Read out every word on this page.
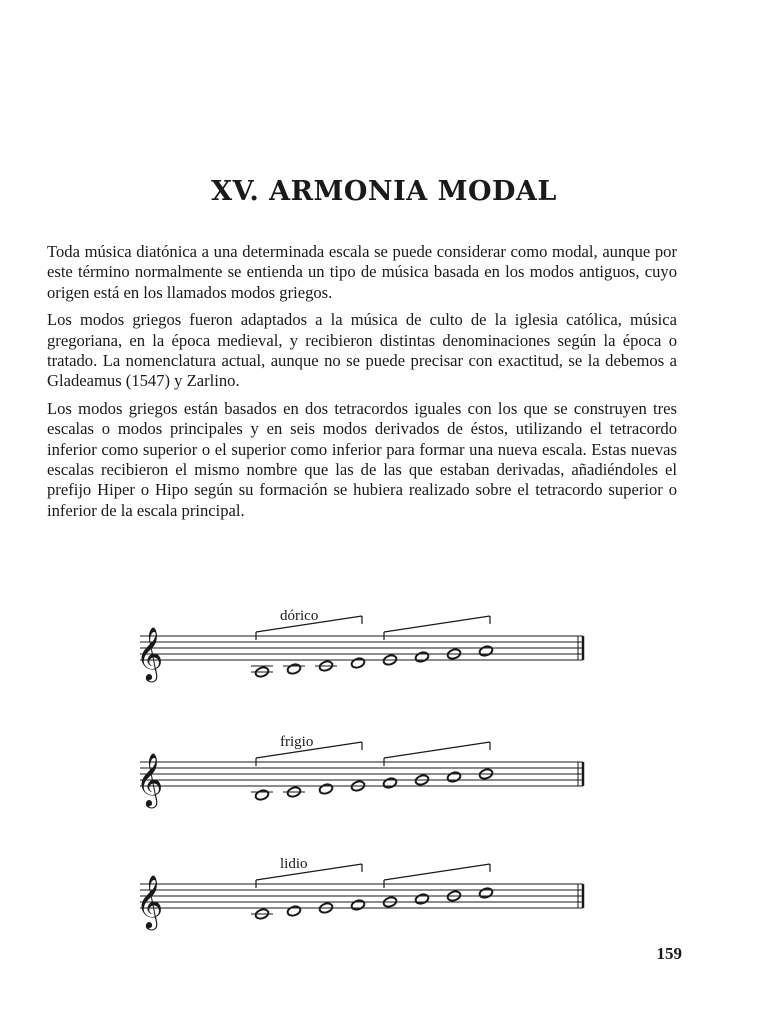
XV. ARMONIA MODAL

Toda música diatónica a una determinada escala se puede considerar como modal, aunque por este término normalmente se entienda un tipo de música basada en los modos antiguos, cuyo origen está en los llamados modos griegos.

Los modos griegos fueron adaptados a la música de culto de la iglesia católica, música gregoriana, en la época medieval, y recibieron distintas denominaciones según la época o tratado. La nomenclatura actual, aunque no se puede precisar con exactitud, se la debemos a Gladeamus (1547) y Zarlino.

Los modos griegos están basados en dos tetracordos iguales con los que se construyen tres escalas o modos principales y en seis modos derivados de éstos, utilizando el tetracordo inferior como superior o el superior como inferior para formar una nueva escala. Estas nuevas escalas recibieron el mismo nombre que las de las que estaban derivadas, añadiéndoles el prefijo Hiper o Hipo según su formación se hubiera realizado sobre el tetracordo superior o inferior de la escala principal.

𝄞
dórico
𝄞
frigio
𝄞
lidio
159
